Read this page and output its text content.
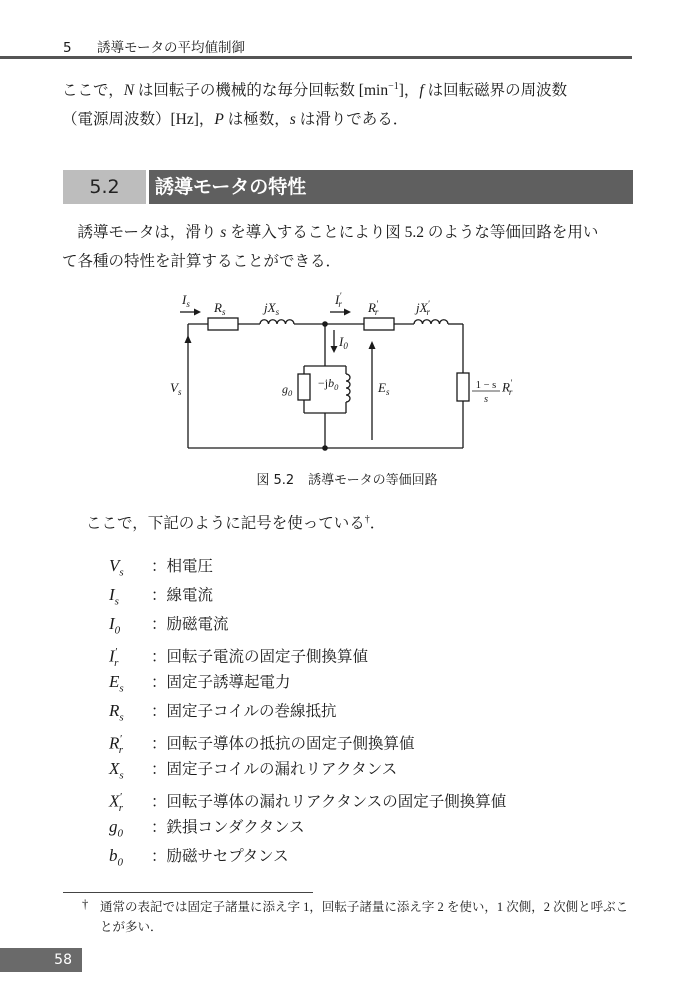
5 誘導モータの平均値制御
ここで，N は回転子の機械的な毎分回転数 $[\min^{-1}]$，f は回転磁界の周波数
（電源周波数）[Hz]，P は極数，s は滑りである．
5.2	誘導モータの特性
誘導モータは，滑り s を導入することにより図 5.2 のような等価回路を用い
て各種の特性を計算することができる．
$I_s$ $R_s$	$jX_s$
I′ r R′ r	jX′ r
$I_0$
$V_s$	$g_0$
$-jb_0$	$E_s$
1 − s
s
$R'_r$
図 5.2 誘導モータの等価回路
ここで，下記のように記号を使っている†．
$V_s$ ：相電圧
$I_s$ ：線電流
$I_0$ ：励磁電流
$I'_r$ ：回転子電流の固定子側換算値
$E_s$ ：固定子誘導起電力
$R_s$ ：固定子コイルの巻線抵抗
$R'_r$ ：回転子導体の抵抗の固定子側換算値
$X_s$ ：固定子コイルの漏れリアクタンス
$X'_r$ ：回転子導体の漏れリアクタンスの固定子側換算値
$g_0$ ：鉄損コンダクタンス
$b_0$ ：励磁サセプタンス
† 通常の表記では固定子諸量に添え字 1，回転子諸量に添え字 2 を使い，1 次側，2 次側と呼ぶこ
とが多い．
58
